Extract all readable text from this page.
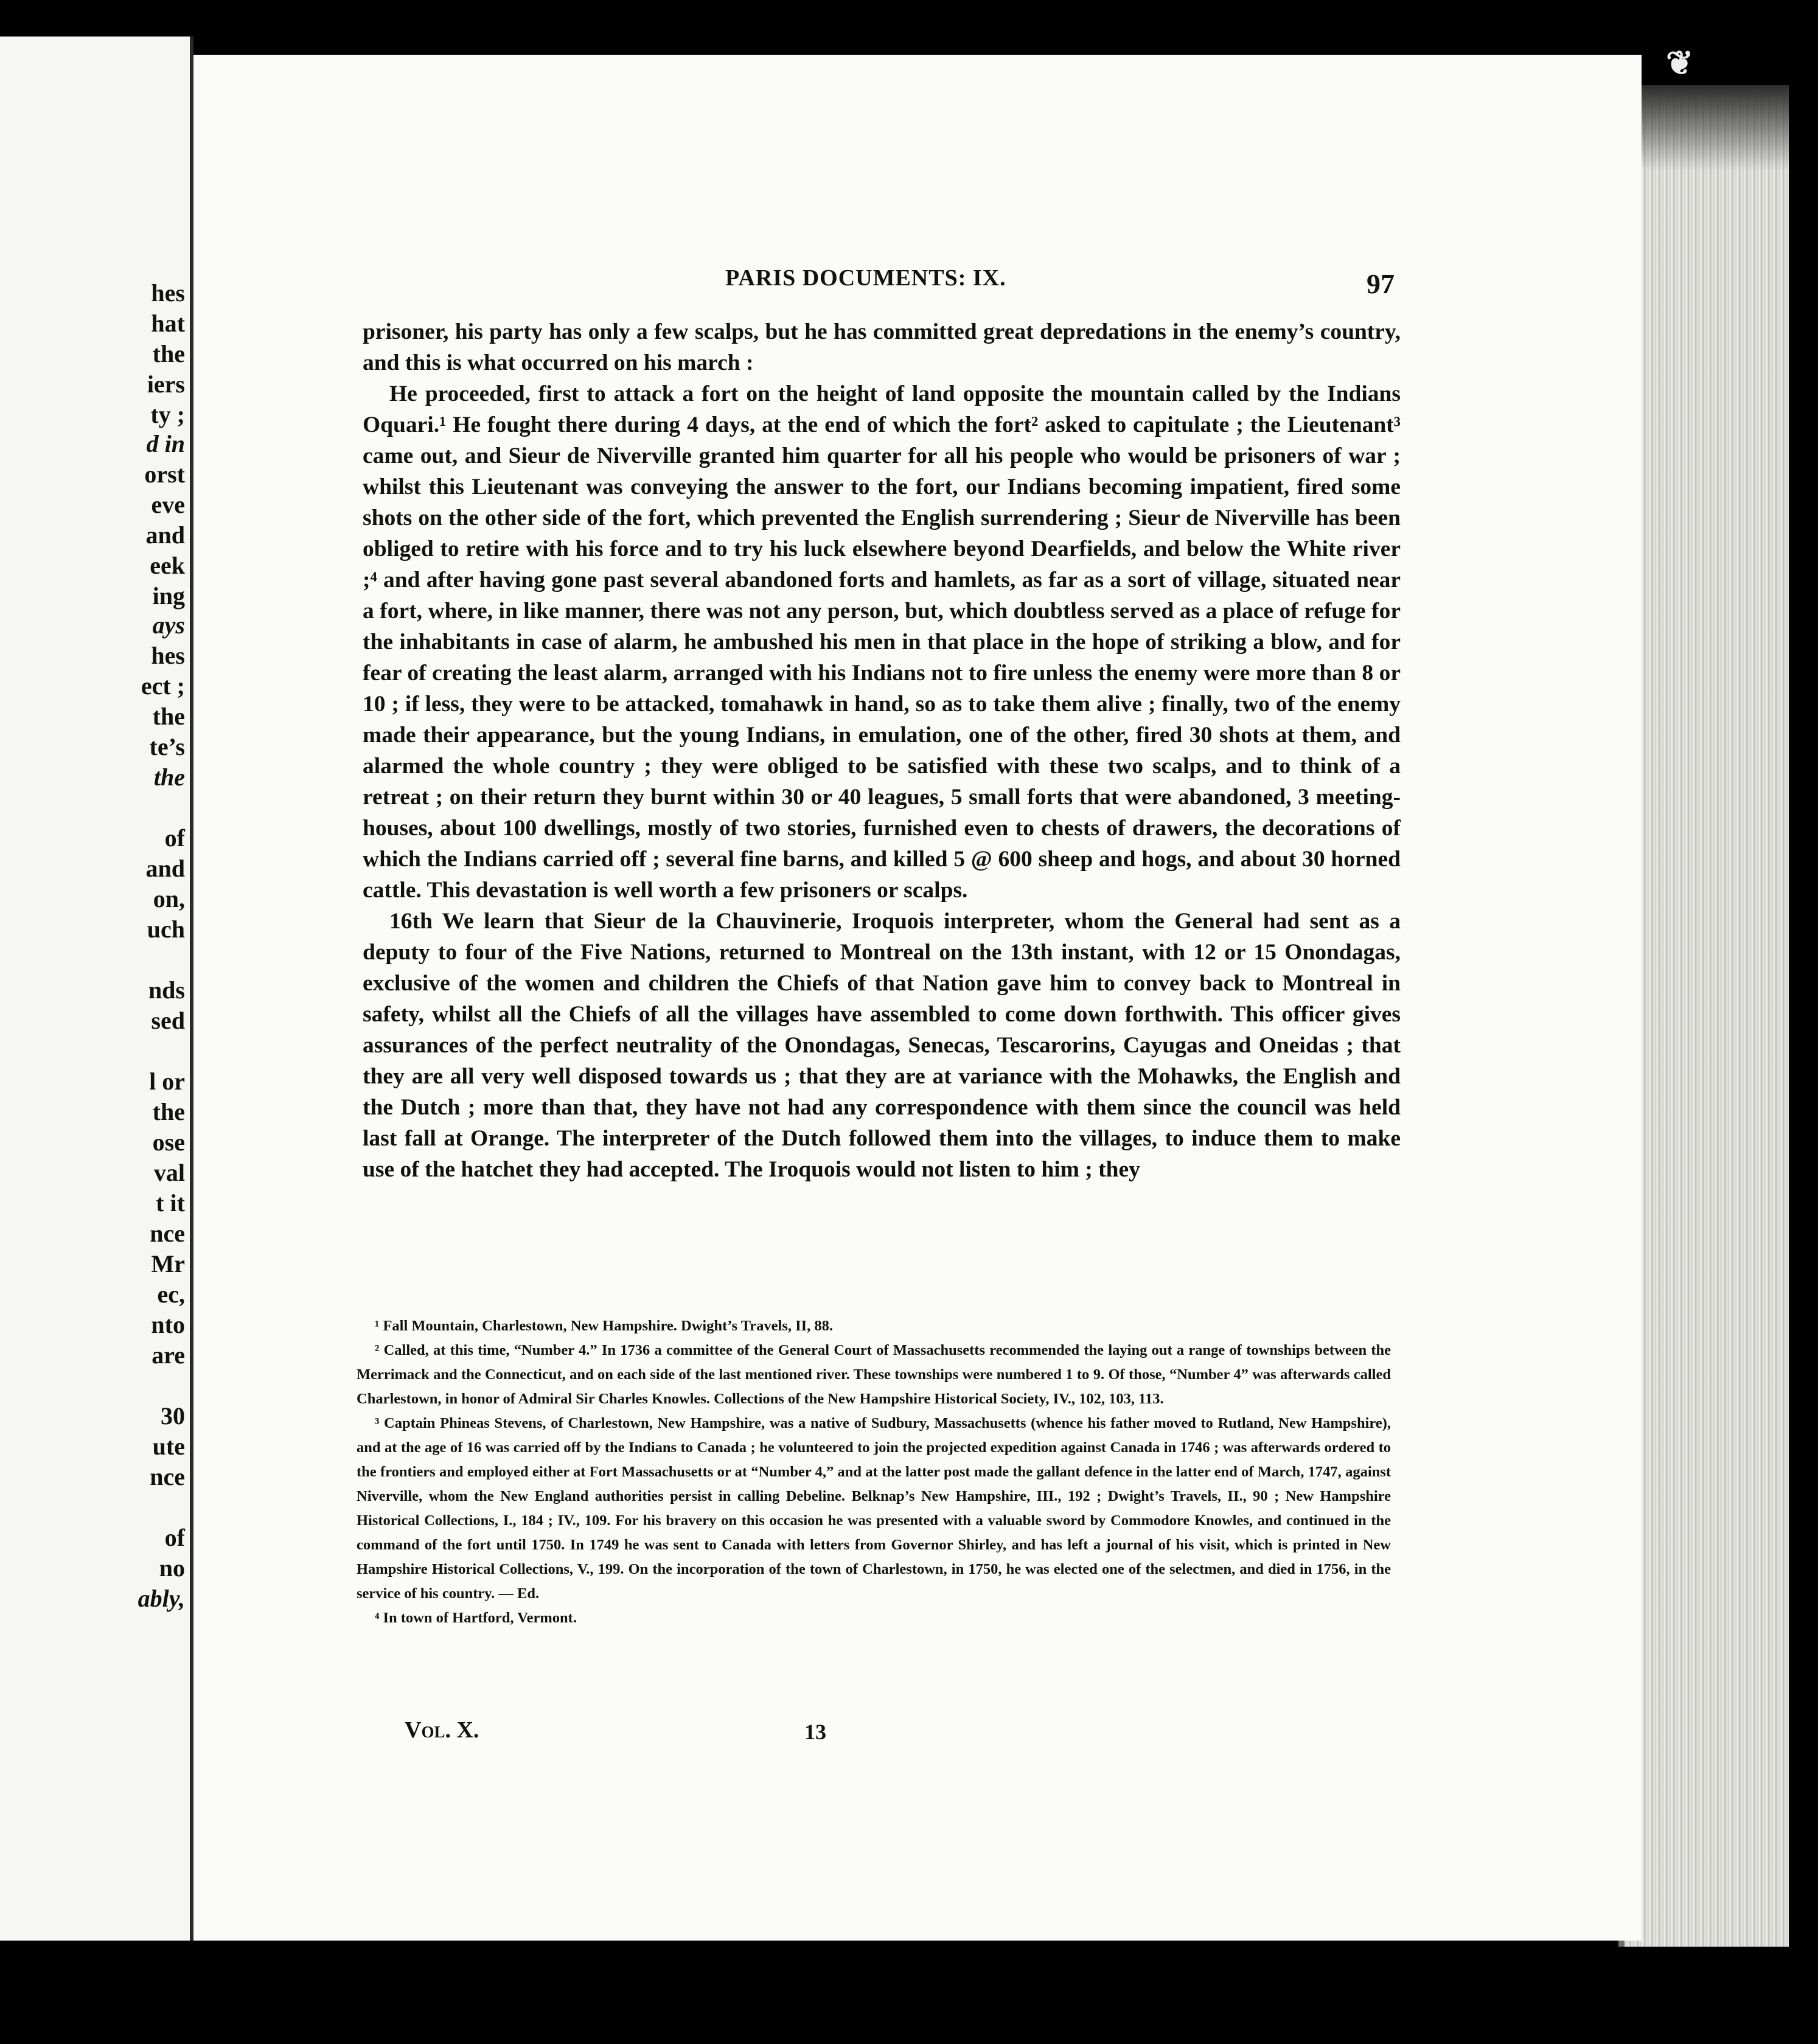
hes
hat
the
iers
ty ;
d in
orst
eve
and
eek
ing
ays
hes
ect ;
the
te’s
the
of
and
on,
uch
nds
sed
l or
the
ose
val
t it
nce
Mr
ec,
nto
are
30
ute
nce
of
no
ably,
❦
PARIS DOCUMENTS: IX.	97

prisoner, his party has only a few scalps, but he has committed great depredations in the enemy’s country, and this is what occurred on his march :

He proceeded, first to attack a fort on the height of land opposite the mountain called by the Indians Oquari.¹ He fought there during 4 days, at the end of which the fort² asked to capitulate ; the Lieutenant³ came out, and Sieur de Niverville granted him quarter for all his people who would be prisoners of war ; whilst this Lieutenant was conveying the answer to the fort, our Indians becoming impatient, fired some shots on the other side of the fort, which prevented the English surrendering ; Sieur de Niverville has been obliged to retire with his force and to try his luck elsewhere beyond Dearfields, and below the White river ;⁴ and after having gone past several abandoned forts and hamlets, as far as a sort of village, situated near a fort, where, in like manner, there was not any person, but, which doubtless served as a place of refuge for the inhabitants in case of alarm, he ambushed his men in that place in the hope of striking a blow, and for fear of creating the least alarm, arranged with his Indians not to fire unless the enemy were more than 8 or 10 ; if less, they were to be attacked, tomahawk in hand, so as to take them alive ; finally, two of the enemy made their appearance, but the young Indians, in emulation, one of the other, fired 30 shots at them, and alarmed the whole country ; they were obliged to be satisfied with these two scalps, and to think of a retreat ; on their return they burnt within 30 or 40 leagues, 5 small forts that were abandoned, 3 meeting-houses, about 100 dwellings, mostly of two stories, furnished even to chests of drawers, the decorations of which the Indians carried off ; several fine barns, and killed 5 @ 600 sheep and hogs, and about 30 horned cattle. This devastation is well worth a few prisoners or scalps.

16th We learn that Sieur de la Chauvinerie, Iroquois interpreter, whom the General had sent as a deputy to four of the Five Nations, returned to Montreal on the 13th instant, with 12 or 15 Onondagas, exclusive of the women and children the Chiefs of that Nation gave him to convey back to Montreal in safety, whilst all the Chiefs of all the villages have assembled to come down forthwith. This officer gives assurances of the perfect neutrality of the Onondagas, Senecas, Tescarorins, Cayugas and Oneidas ; that they are all very well disposed towards us ; that they are at variance with the Mohawks, the English and the Dutch ; more than that, they have not had any correspondence with them since the council was held last fall at Orange. The interpreter of the Dutch followed them into the villages, to induce them to make use of the hatchet they had accepted. The Iroquois would not listen to him ; they

¹ Fall Mountain, Charlestown, New Hampshire. Dwight’s Travels, II, 88.

² Called, at this time, “Number 4.” In 1736 a committee of the General Court of Massachusetts recommended the laying out a range of townships between the Merrimack and the Connecticut, and on each side of the last mentioned river. These townships were numbered 1 to 9. Of those, “Number 4” was afterwards called Charlestown, in honor of Admiral Sir Charles Knowles. Collections of the New Hampshire Historical Society, IV., 102, 103, 113.

³ Captain Phineas Stevens, of Charlestown, New Hampshire, was a native of Sudbury, Massachusetts (whence his father moved to Rutland, New Hampshire), and at the age of 16 was carried off by the Indians to Canada ; he volunteered to join the projected expedition against Canada in 1746 ; was afterwards ordered to the frontiers and employed either at Fort Massachusetts or at “Number 4,” and at the latter post made the gallant defence in the latter end of March, 1747, against Niverville, whom the New England authorities persist in calling Debeline. Belknap’s New Hampshire, III., 192 ; Dwight’s Travels, II., 90 ; New Hampshire Historical Collections, I., 184 ; IV., 109. For his bravery on this occasion he was presented with a valuable sword by Commodore Knowles, and continued in the command of the fort until 1750. In 1749 he was sent to Canada with letters from Governor Shirley, and has left a journal of his visit, which is printed in New Hampshire Historical Collections, V., 199. On the incorporation of the town of Charlestown, in 1750, he was elected one of the selectmen, and died in 1756, in the service of his country. — Ed.

⁴ In town of Hartford, Vermont.

Vol. X.	13
